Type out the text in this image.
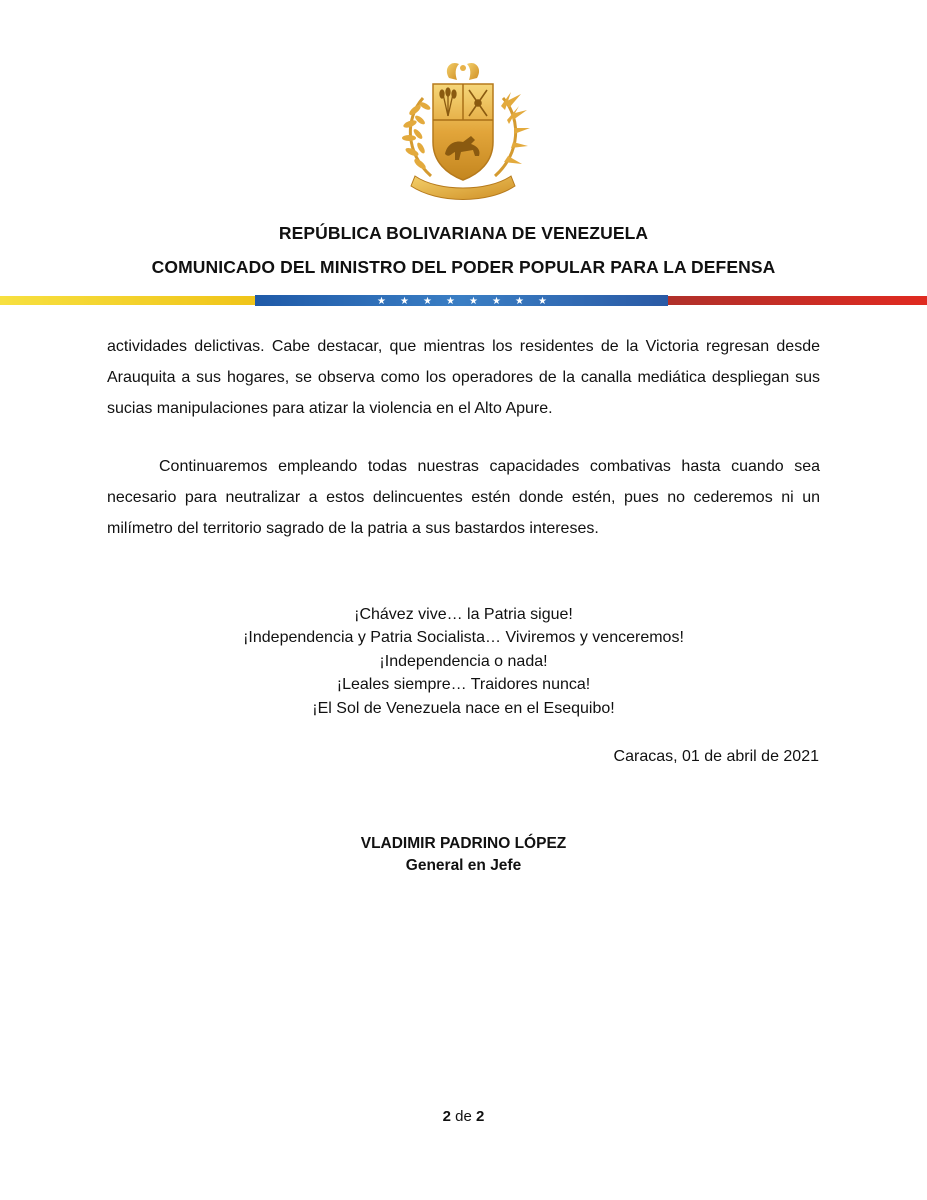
REPÚBLICA BOLIVARIANA DE VENEZUELA
COMUNICADO DEL MINISTRO DEL PODER POPULAR PARA LA DEFENSA
★ ★ ★ ★ ★ ★ ★ ★
actividades delictivas. Cabe destacar, que mientras los residentes de la Victoria regresan desde Arauquita a sus hogares, se observa como los operadores de la canalla mediática despliegan sus sucias manipulaciones para atizar la violencia en el Alto Apure.
Continuaremos empleando todas nuestras capacidades combativas hasta cuando sea necesario para neutralizar a estos delincuentes estén donde estén, pues no cederemos ni un milímetro del territorio sagrado de la patria a sus bastardos intereses.
¡Chávez vive… la Patria sigue!
¡Independencia y Patria Socialista… Viviremos y venceremos!
¡Independencia o nada!
¡Leales siempre… Traidores nunca!
¡El Sol de Venezuela nace en el Esequibo!
Caracas, 01 de abril de 2021
VLADIMIR PADRINO LÓPEZ
General en Jefe
2 de 2
